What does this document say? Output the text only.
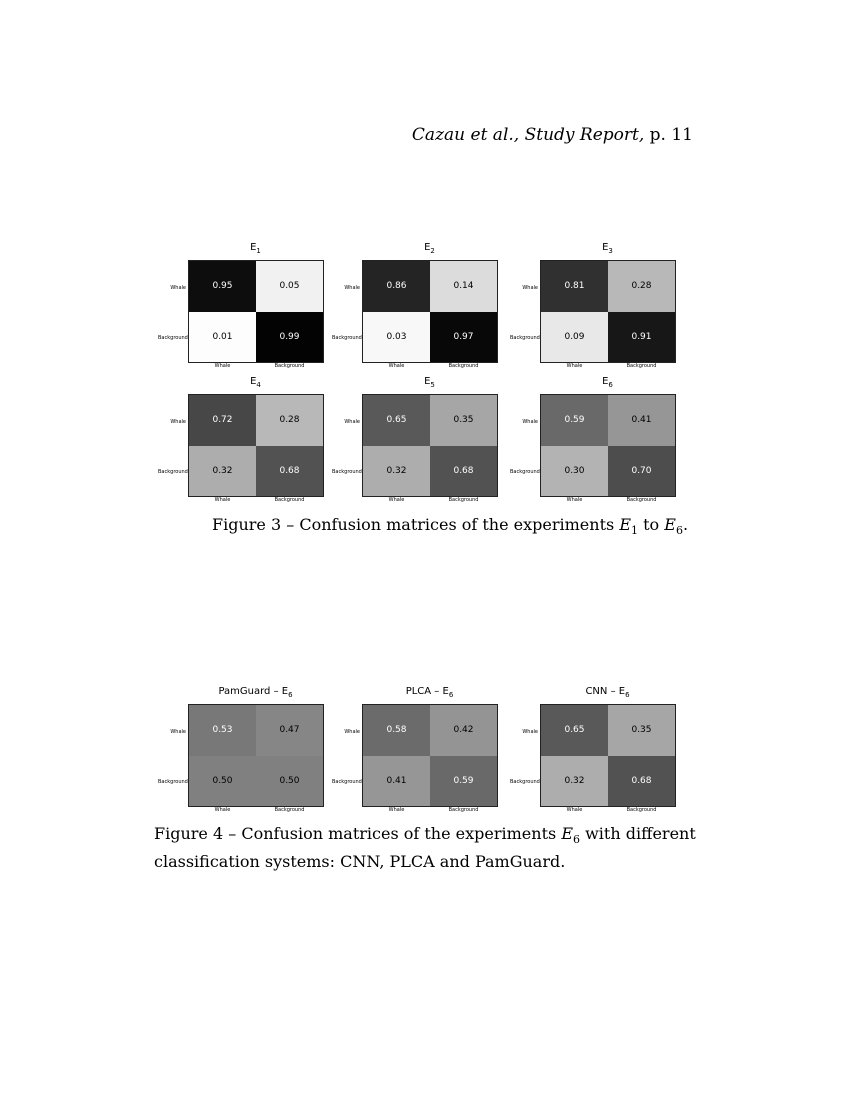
Cazau et al., Study Report, p. 11
$E_1$
0.95	0.05
0.01	0.99
Whale
Background
Whale	Background
$E_2$
0.86	0.14
0.03	0.97
Whale
Background
Whale	Background
$E_3$
0.81	0.28
0.09	0.91
Whale
Background
Whale	Background
$E_4$
0.72	0.28
0.32	0.68
Whale
Background
Whale	Background
$E_5$
0.65	0.35
0.32	0.68
Whale
Background
Whale	Background
$E_6$
0.59	0.41
0.30	0.70
Whale
Background
Whale	Background
Figure 3 – Confusion matrices of the experiments $E_1$ to $E_6$.
PamGuard – $E_6$
0.53	0.47
0.50	0.50
Whale
Background
Whale	Background
PLCA – $E_6$
0.58	0.42
0.41	0.59
Whale
Background
Whale	Background
CNN – $E_6$
0.65	0.35
0.32	0.68
Whale
Background
Whale	Background
Figure 4 – Confusion matrices of the experiments $E_6$ with different classification systems: CNN, PLCA and PamGuard.
